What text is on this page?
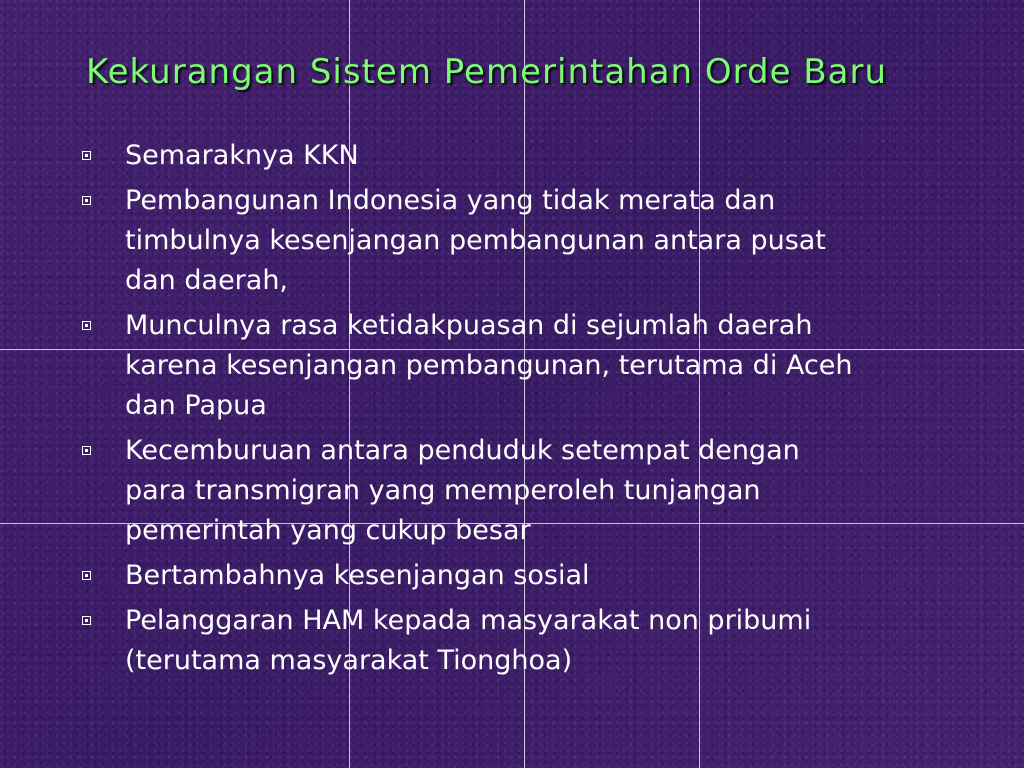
Kekurangan Sistem Pemerintahan Orde Baru
Semaraknya KKN
Pembangunan Indonesia yang tidak merata dan
timbulnya kesenjangan pembangunan antara pusat
dan daerah,
Munculnya rasa ketidakpuasan di sejumlah daerah
karena kesenjangan pembangunan, terutama di Aceh
dan Papua
Kecemburuan antara penduduk setempat dengan
para transmigran yang memperoleh tunjangan
pemerintah yang cukup besar
Bertambahnya kesenjangan sosial
Pelanggaran HAM kepada masyarakat non pribumi
(terutama masyarakat Tionghoa)
